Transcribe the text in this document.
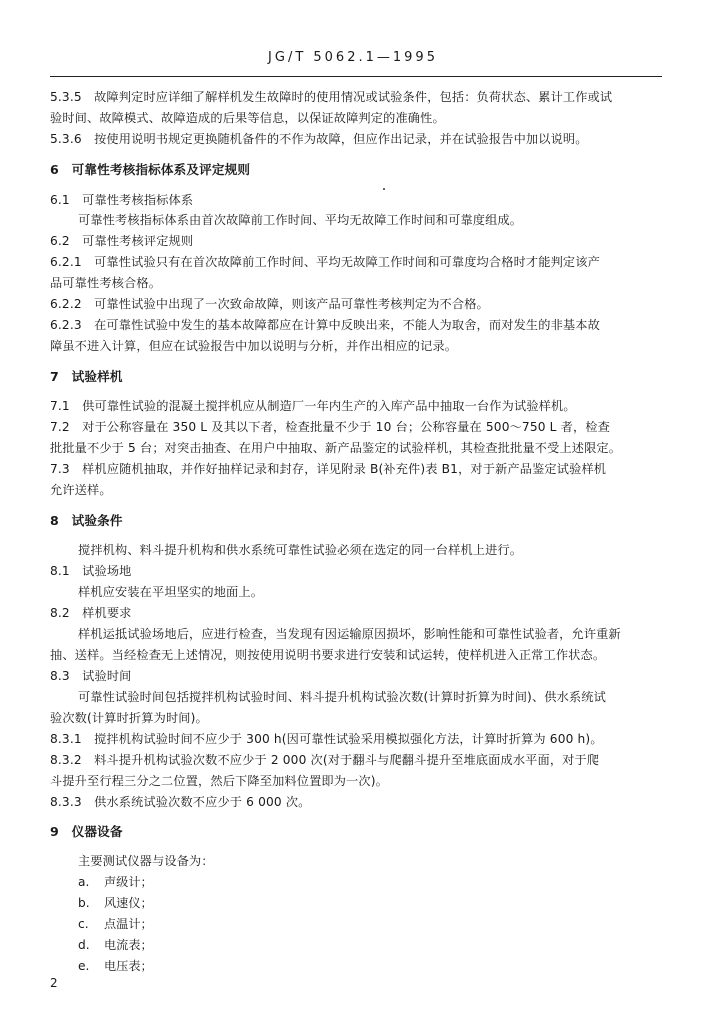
JG/T 5062.1—1995
5.3.5　故障判定时应详细了解样机发生故障时的使用情况或试验条件，包括：负荷状态、累计工作或试
验时间、故障模式、故障造成的后果等信息，以保证故障判定的准确性。
5.3.6　按使用说明书规定更换随机备件的不作为故障，但应作出记录，并在试验报告中加以说明。
6　可靠性考核指标体系及评定规则
6.1　可靠性考核指标体系
可靠性考核指标体系由首次故障前工作时间、平均无故障工作时间和可靠度组成。
6.2　可靠性考核评定规则
6.2.1　可靠性试验只有在首次故障前工作时间、平均无故障工作时间和可靠度均合格时才能判定该产
品可靠性考核合格。
6.2.2　可靠性试验中出现了一次致命故障，则该产品可靠性考核判定为不合格。
6.2.3　在可靠性试验中发生的基本故障都应在计算中反映出来，不能人为取舍，而对发生的非基本故
障虽不进入计算，但应在试验报告中加以说明与分析，并作出相应的记录。
7　试验样机
7.1　供可靠性试验的混凝土搅拌机应从制造厂一年内生产的入库产品中抽取一台作为试验样机。
7.2　对于公称容量在 350 L 及其以下者，检查批量不少于 10 台；公称容量在 500～750 L 者，检查
批批量不少于 5 台；对突击抽查、在用户中抽取、新产品鉴定的试验样机，其检查批批量不受上述限定。
7.3　样机应随机抽取，并作好抽样记录和封存，详见附录 B(补充件)表 B1，对于新产品鉴定试验样机
允许送样。
8　试验条件
搅拌机构、料斗提升机构和供水系统可靠性试验必须在选定的同一台样机上进行。
8.1　试验场地
样机应安装在平坦坚实的地面上。
8.2　样机要求
样机运抵试验场地后，应进行检查，当发现有因运输原因损坏，影响性能和可靠性试验者，允许重新
抽、送样。当经检查无上述情况，则按使用说明书要求进行安装和试运转，使样机进入正常工作状态。
8.3　试验时间
可靠性试验时间包括搅拌机构试验时间、料斗提升机构试验次数(计算时折算为时间)、供水系统试
验次数(计算时折算为时间)。
8.3.1　搅拌机构试验时间不应少于 300 h(因可靠性试验采用模拟强化方法，计算时折算为 600 h)。
8.3.2　料斗提升机构试验次数不应少于 2 000 次(对于翻斗与爬翻斗提升至堆底面成水平面，对于爬
斗提升至行程三分之二位置，然后下降至加料位置即为一次)。
8.3.3　供水系统试验次数不应少于 6 000 次。
9　仪器设备
主要测试仪器与设备为：
a. 声级计；
b. 风速仪；
c. 点温计；
d. 电流表；
e. 电压表；
2
